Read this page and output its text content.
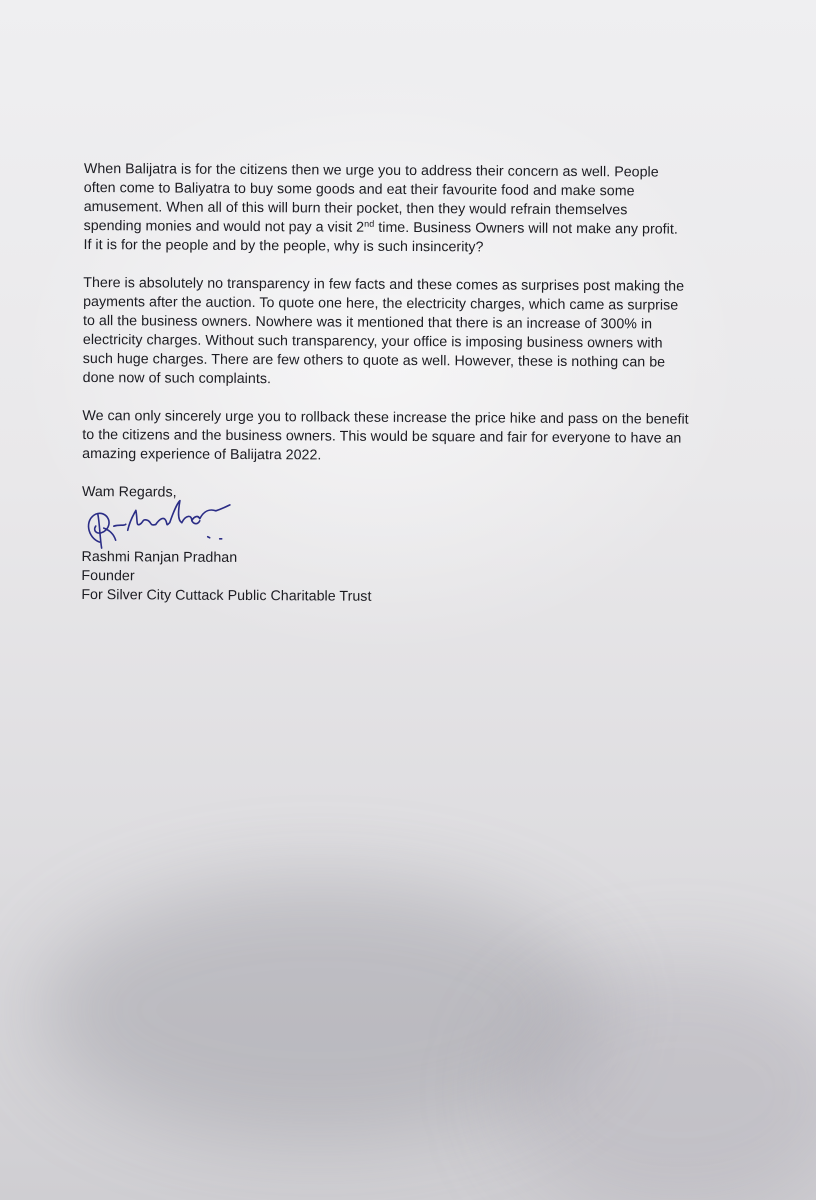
When Balijatra is for the citizens then we urge you to address their concern as well. People
often come to Baliyatra to buy some goods and eat their favourite food and make some
amusement. When all of this will burn their pocket, then they would refrain themselves
spending monies and would not pay a visit 2nd time. Business Owners will not make any profit.
If it is for the people and by the people, why is such insincerity?

There is absolutely no transparency in few facts and these comes as surprises post making the
payments after the auction. To quote one here, the electricity charges, which came as surprise
to all the business owners. Nowhere was it mentioned that there is an increase of 300% in
electricity charges. Without such transparency, your office is imposing business owners with
such huge charges. There are few others to quote as well. However, these is nothing can be
done now of such complaints.

We can only sincerely urge you to rollback these increase the price hike and pass on the benefit
to the citizens and the business owners. This would be square and fair for everyone to have an
amazing experience of Balijatra 2022.

Wam Regards,
Rashmi Ranjan Pradhan
Founder
For Silver City Cuttack Public Charitable Trust
